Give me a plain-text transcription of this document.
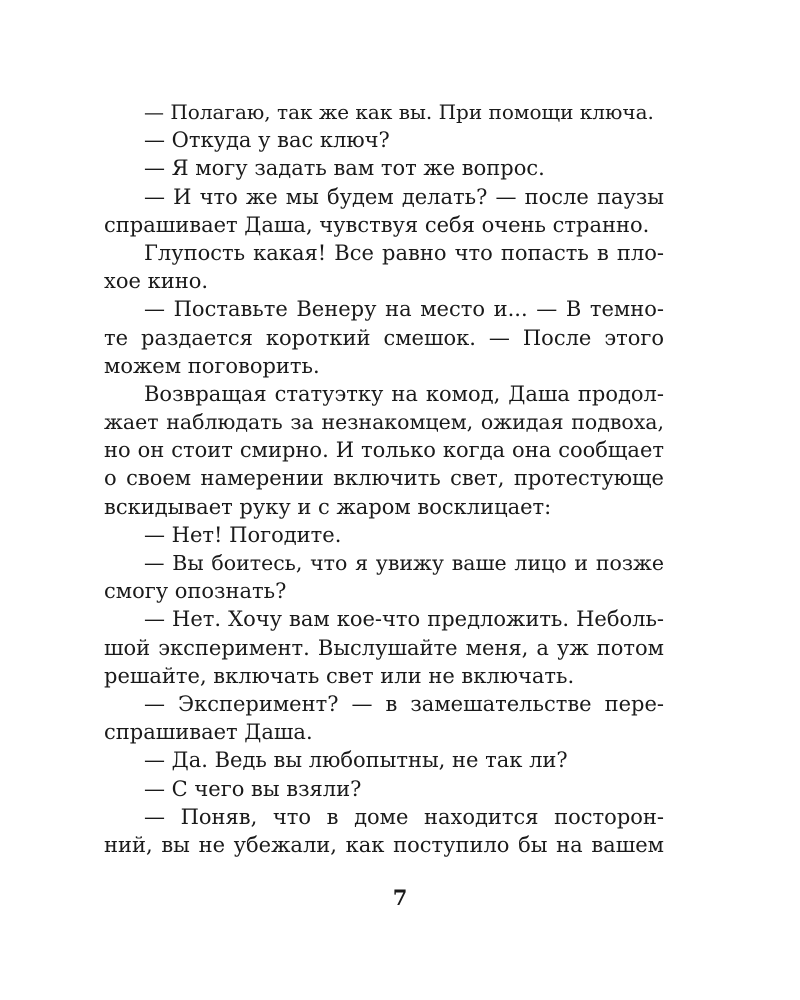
— Полагаю, так же как вы. При помощи ключа.
— Откуда у вас ключ?
— Я могу задать вам тот же вопрос.
— И что же мы будем делать? — после паузы
спрашивает Даша, чувствуя себя очень странно.
Глупость какая! Все равно что попасть в пло-
хое кино.
— Поставьте Венеру на место и... — В темно-
те раздается короткий смешок. — После этого
можем поговорить.
Возвращая статуэтку на комод, Даша продол-
жает наблюдать за незнакомцем, ожидая подвоха,
но он стоит смирно. И только когда она сообщает
о своем намерении включить свет, протестующе
вскидывает руку и с жаром восклицает:
— Нет! Погодите.
— Вы боитесь, что я увижу ваше лицо и позже
смогу опознать?
— Нет. Хочу вам кое-что предложить. Неболь-
шой эксперимент. Выслушайте меня, а уж потом
решайте, включать свет или не включать.
— Эксперимент? — в замешательстве пере-
спрашивает Даша.
— Да. Ведь вы любопытны, не так ли?
— С чего вы взяли?
— Поняв, что в доме находится посторон-
ний, вы не убежали, как поступило бы на вашем
7
